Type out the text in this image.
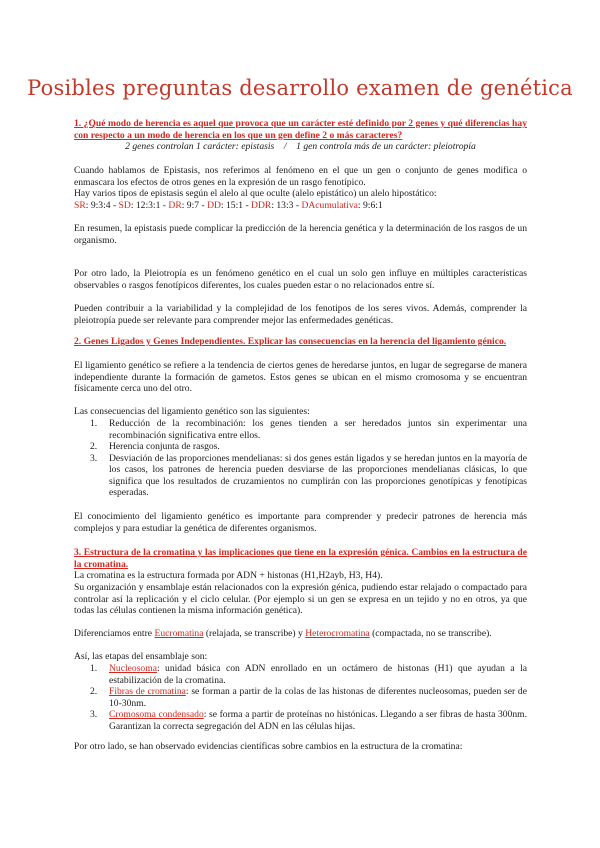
Posibles preguntas desarrollo examen de genética
1. ¿Qué modo de herencia es aquel que provoca que un carácter esté definido por 2 genes y qué diferencias hay con respecto a un modo de herencia en los que un gen define 2 o más caracteres?
2 genes controlan 1 carácter: epistasis / 1 gen controla más de un carácter: pleiotropía
Cuando hablamos de Epistasis, nos referimos al fenómeno en el que un gen o conjunto de genes modifica o enmascara los efectos de otros genes en la expresión de un rasgo fenotípico.
Hay varios tipos de epistasis según el alelo al que oculte (alelo epistático) un alelo hipostático:
SR: 9:3:4 - SD: 12:3:1 - DR: 9:7 - DD: 15:1 - DDR: 13:3 - DAcumulativa: 9:6:1
En resumen, la epistasis puede complicar la predicción de la herencia genética y la determinación de los rasgos de un organismo.
Por otro lado, la Pleiotropía es un fenómeno genético en el cual un solo gen influye en múltiples características observables o rasgos fenotípicos diferentes, los cuales pueden estar o no relacionados entre sí.
Pueden contribuir a la variabilidad y la complejidad de los fenotipos de los seres vivos. Además, comprender la pleiotropía puede ser relevante para comprender mejor las enfermedades genéticas.
2. Genes Ligados y Genes Independientes. Explicar las consecuencias en la herencia del ligamiento génico.
El ligamiento genético se refiere a la tendencia de ciertos genes de heredarse juntos, en lugar de segregarse de manera independiente durante la formación de gametos. Estos genes se ubican en el mismo cromosoma y se encuentran físicamente cerca uno del otro.
Las consecuencias del ligamiento genético son las siguientes:
1. Reducción de la recombinación: los genes tienden a ser heredados juntos sin experimentar una recombinación significativa entre ellos.
2. Herencia conjunta de rasgos.
3. Desviación de las proporciones mendelianas: si dos genes están ligados y se heredan juntos en la mayoría de los casos, los patrones de herencia pueden desviarse de las proporciones mendelianas clásicas, lo que significa que los resultados de cruzamientos no cumplirán con las proporciones genotípicas y fenotípicas esperadas.
El conocimiento del ligamiento genético es importante para comprender y predecir patrones de herencia más complejos y para estudiar la genética de diferentes organismos.
3. Estructura de la cromatina y las implicaciones que tiene en la expresión génica. Cambios en la estructura de la cromatina.
La cromatina es la estructura formada por ADN + histonas (H1,H2ayb, H3, H4).
Su organización y ensamblaje están relacionados con la expresión génica, pudiendo estar relajado o compactado para controlar así la replicación y el ciclo celular. (Por ejemplo si un gen se expresa en un tejido y no en otros, ya que todas las células contienen la misma información genética).
Diferenciamos entre Eucromatina (relajada, se transcribe) y Heterocromatina (compactada, no se transcribe).
Así, las etapas del ensamblaje son:
1. Nucleosoma: unidad básica con ADN enrollado en un octámero de histonas (H1) que ayudan a la estabilización de la cromatina.
2. Fibras de cromatina: se forman a partir de la colas de las histonas de diferentes nucleosomas, pueden ser de 10-30nm.
3. Cromosoma condensado: se forma a partir de proteínas no histónicas. Llegando a ser fibras de hasta 300nm. Garantizan la correcta segregación del ADN en las células hijas.
Por otro lado, se han observado evidencias científicas sobre cambios en la estructura de la cromatina:
